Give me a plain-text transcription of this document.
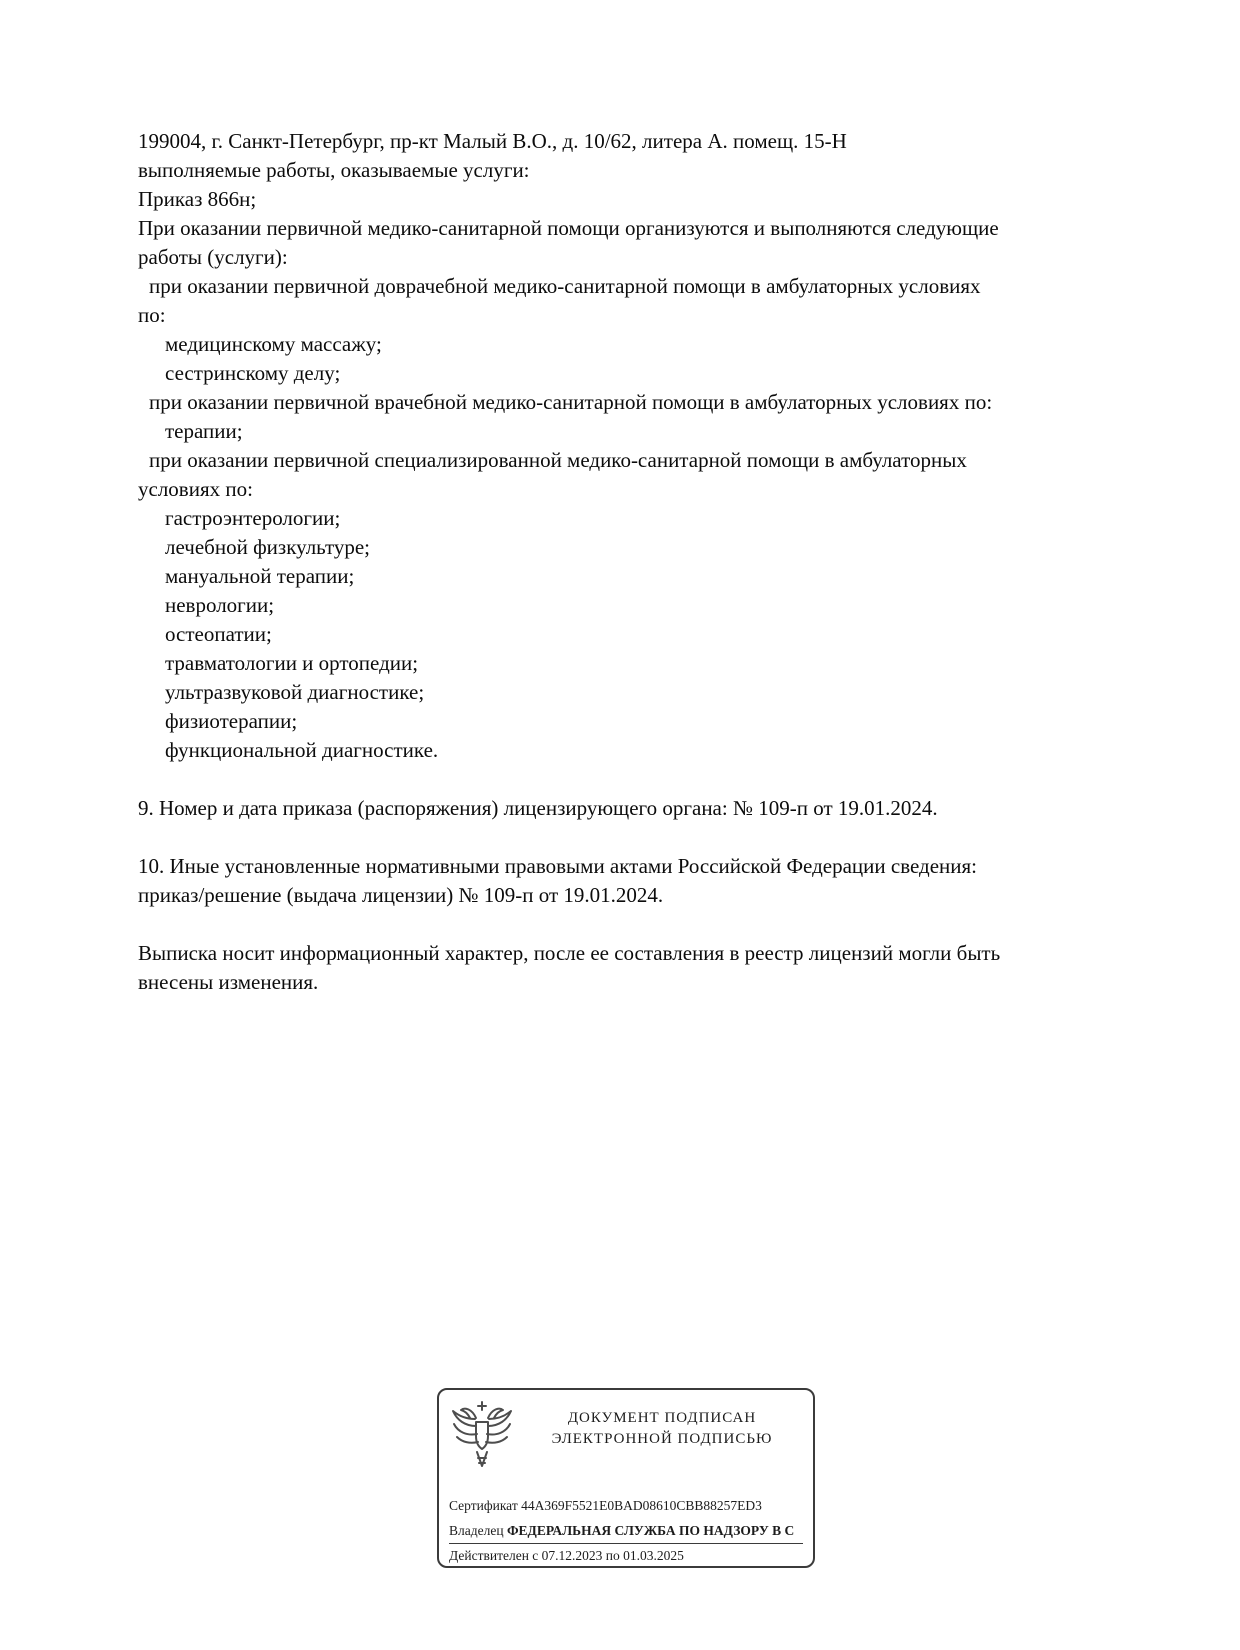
199004, г. Санкт-Петербург, пр-кт Малый В.О., д. 10/62, литера А. помещ. 15-Н

выполняемые работы, оказываемые услуги:

Приказ 866н;

При оказании первичной медико-санитарной помощи организуются и выполняются следующие

работы (услуги):

при оказании первичной доврачебной медико-санитарной помощи в амбулаторных условиях

по:

медицинскому массажу;

сестринскому делу;

при оказании первичной врачебной медико-санитарной помощи в амбулаторных условиях по:

терапии;

при оказании первичной специализированной медико-санитарной помощи в амбулаторных

условиях по:

гастроэнтерологии;

лечебной физкультуре;

мануальной терапии;

неврологии;

остеопатии;

травматологии и ортопедии;

ультразвуковой диагностике;

физиотерапии;

функциональной диагностике.

9. Номер и дата приказа (распоряжения) лицензирующего органа: № 109-п от 19.01.2024.

10. Иные установленные нормативными правовыми актами Российской Федерации сведения:

приказ/решение (выдача лицензии) № 109-п от 19.01.2024.

Выписка носит информационный характер, после ее составления в реестр лицензий могли быть

внесены изменения.

ДОКУМЕНТ ПОДПИСАН
ЭЛЕКТРОННОЙ ПОДПИСЬЮ
Сертификат 44A369F5521E0BAD08610CBB88257ED3
Владелец ФЕДЕРАЛЬНАЯ СЛУЖБА ПО НАДЗОРУ В С
Действителен с 07.12.2023 по 01.03.2025
